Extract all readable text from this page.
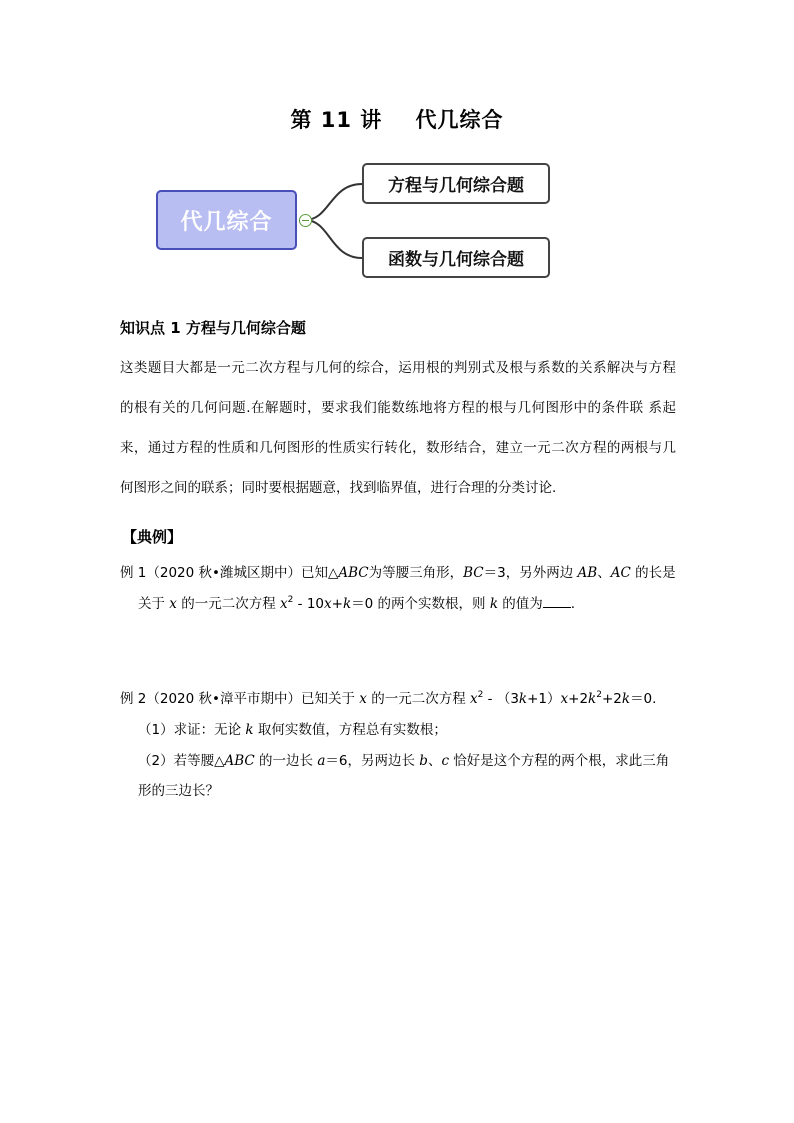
第 11 讲    代几综合
代几综合
方程与几何综合题
函数与几何综合题
知识点 1 方程与几何综合题
这类题目大都是一元二次方程与几何的综合，运用根的判别式及根与系数的关系解决与方程
的根有关的几何问题.在解题时，要求我们能数练地将方程的根与几何图形中的条件联 系起
来，通过方程的性质和几何图形的性质实行转化，数形结合，建立一元二次方程的两根与几
何图形之间的联系；同时要根据题意，找到临界值，进行合理的分类讨论.
【典例】
例 1（2020 秋•潍城区期中）已知△ABC为等腰三角形，BC＝3，另外两边 AB、AC 的长是
关于 x 的一元二次方程 $x^2 - 10x+k=0$ 的两个实数根，则 k 的值为 .
例 2（2020 秋•漳平市期中）已知关于 x 的一元二次方程 $x^2 - (3k+1)x+2k^2+2k=0$.
（1）求证：无论 k 取何实数值，方程总有实数根；
（2）若等腰△ABC 的一边长 a＝6，另两边长 b、c 恰好是这个方程的两个根，求此三角
形的三边长？
